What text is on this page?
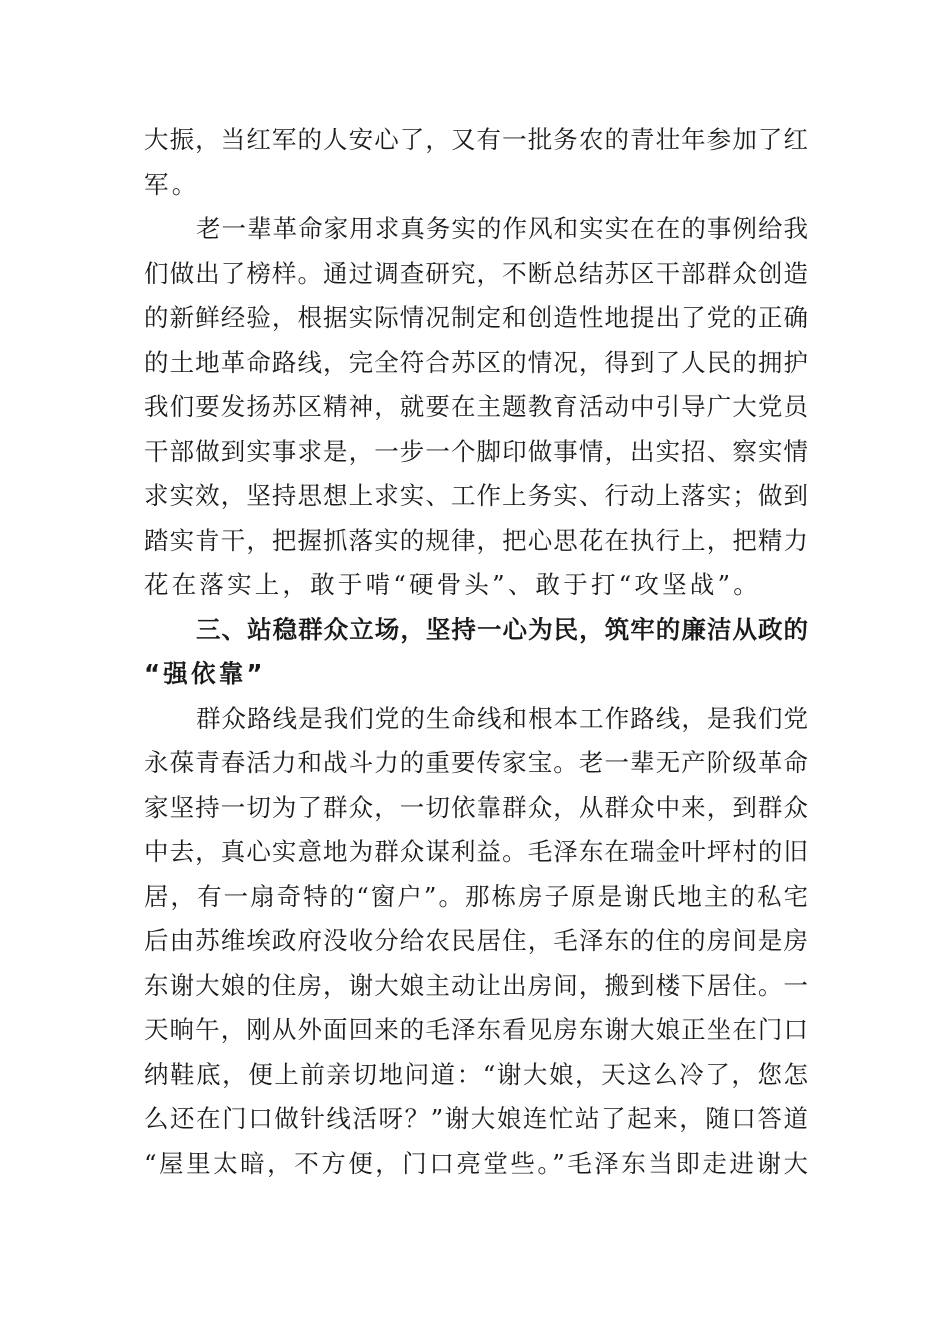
大振，当红军的人安心了，又有一批务农的青壮年参加了红
军。
老一辈革命家用求真务实的作风和实实在在的事例给我
们做出了榜样。通过调查研究，不断总结苏区干部群众创造
的新鲜经验，根据实际情况制定和创造性地提出了党的正确
的土地革命路线，完全符合苏区的情况，得到了人民的拥护
我们要发扬苏区精神，就要在主题教育活动中引导广大党员
干部做到实事求是，一步一个脚印做事情，出实招、察实情
求实效，坚持思想上求实、工作上务实、行动上落实；做到
踏实肯干，把握抓落实的规律，把心思花在执行上，把精力
花在落实上，敢于啃“硬骨头”、敢于打“攻坚战”。
三、站稳群众立场，坚持一心为民，筑牢的廉洁从政的
“强依靠”
群众路线是我们党的生命线和根本工作路线，是我们党
永葆青春活力和战斗力的重要传家宝。老一辈无产阶级革命
家坚持一切为了群众，一切依靠群众，从群众中来，到群众
中去，真心实意地为群众谋利益。毛泽东在瑞金叶坪村的旧
居，有一扇奇特的“窗户”。那栋房子原是谢氏地主的私宅
后由苏维埃政府没收分给农民居住，毛泽东的住的房间是房
东谢大娘的住房，谢大娘主动让出房间，搬到楼下居住。一
天晌午，刚从外面回来的毛泽东看见房东谢大娘正坐在门口
纳鞋底，便上前亲切地问道：“谢大娘，天这么冷了，您怎
么还在门口做针线活呀？”谢大娘连忙站了起来，随口答道
“屋里太暗，不方便，门口亮堂些。”毛泽东当即走进谢大
